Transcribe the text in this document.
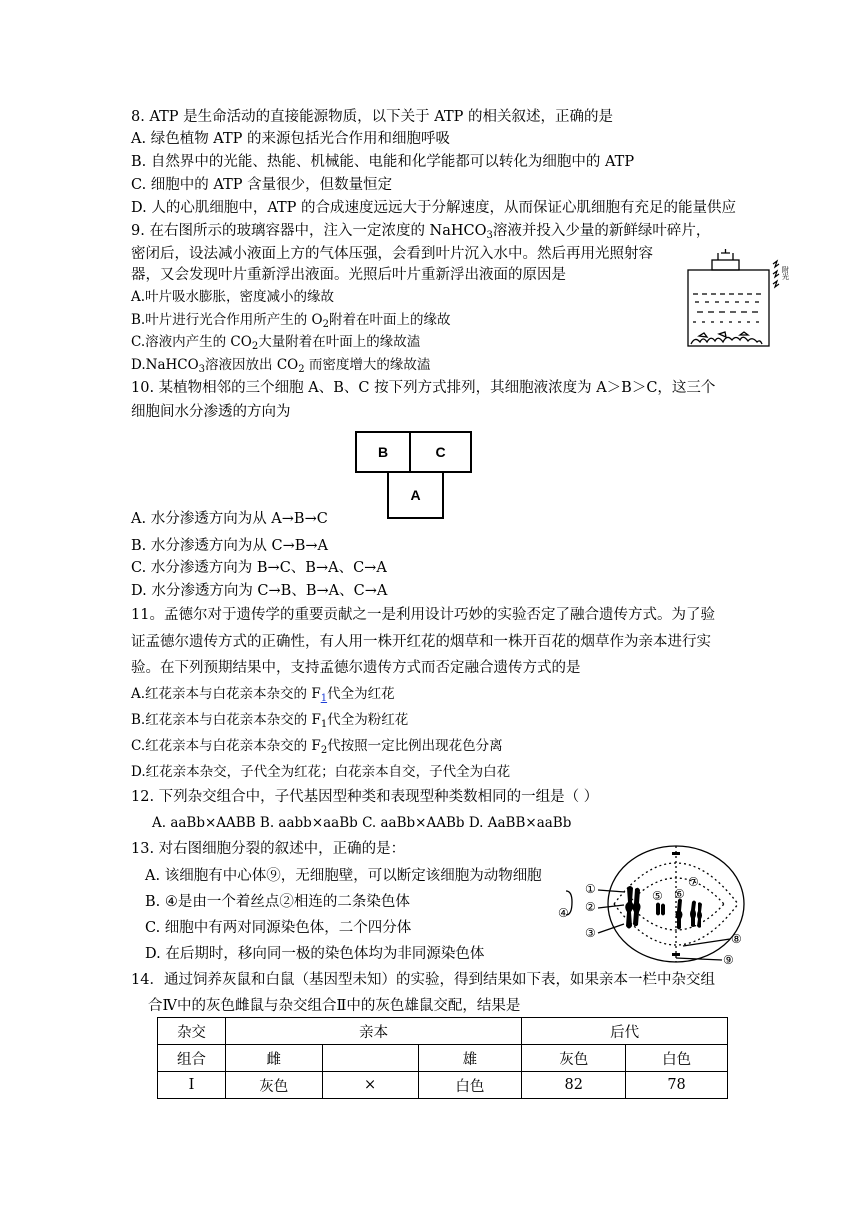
8. ATP 是生命活动的直接能源物质，以下关于 ATP 的相关叙述，正确的是
A. 绿色植物 ATP 的来源包括光合作用和细胞呼吸
B. 自然界中的光能、热能、机械能、电能和化学能都可以转化为细胞中的 ATP
C. 细胞中的 ATP 含量很少，但数量恒定
D. 人的心肌细胞中，ATP 的合成速度远远大于分解速度，从而保证心肌细胞有充足的能量供应
9. 在右图所示的玻璃容器中，注入一定浓度的 NaHCO$_3$溶液并投入少量的新鲜绿叶碎片，
密闭后，设法减小液面上方的气体压强，会看到叶片沉入水中。然后再用光照射容
器，又会发现叶片重新浮出液面。光照后叶片重新浮出液面的原因是
A.叶片吸水膨胀，密度减小的缘故
B.叶片进行光合作用所产生的 $O_2$附着在叶面上的缘故
C.溶液内产生的 $CO_2$大量附着在叶面上的缘故溘
D.NaHCO$_3$溶液因放出 $CO_2$ 而密度增大的缘故溘
附光
10. 某植物相邻的三个细胞 A、B、C 按下列方式排列，其细胞液浓度为 A＞B＞C，这三个
细胞间水分渗透的方向为
B	C
A
A. 水分渗透方向为从 A→B→C
B. 水分渗透方向为从 C→B→A
C. 水分渗透方向为 B→C、B→A、C→A
D. 水分渗透方向为 C→B、B→A、C→A
11。孟德尔对于遗传学的重要贡献之一是利用设计巧妙的实验否定了融合遗传方式。为了验
证孟德尔遗传方式的正确性，有人用一株开红花的烟草和一株开百花的烟草作为亲本进行实
验。在下列预期结果中，支持孟德尔遗传方式而否定融合遗传方式的是
A.红花亲本与白花亲本杂交的 $F_1$代全为红花
B.红花亲本与白花亲本杂交的 $F_1$代全为粉红花
C.红花亲本与白花亲本杂交的 $F_2$代按照一定比例出现花色分离
D.红花亲本杂交，子代全为红花；白花亲本自交，子代全为白花
12. 下列杂交组合中，子代基因型种类和表现型种类数相同的一组是（ ）
A. aaBb×AABB B. aabb×aaBb C. aaBb×AABb D. AaBB×aaBb
13. 对右图细胞分裂的叙述中，正确的是：
A. 该细胞有中心体⑨，无细胞壁，可以断定该细胞为动物细胞
B. ④是由一个着丝点②相连的二条染色体
C. 细胞中有两对同源染色体，二个四分体
D. 在后期时，移向同一极的染色体均为非同源染色体
①
②
③
④
⑤ ⑥
⑦
⑧
⑨
14．通过饲养灰鼠和白鼠（基因型未知）的实验，得到结果如下表，如果亲本一栏中杂交组
合Ⅳ中的灰色雌鼠与杂交组合Ⅱ中的灰色雄鼠交配，结果是
杂交	亲本			后代	
组合	雌		雄	灰色	白色
Ⅰ	灰色	×	白色	82	78
